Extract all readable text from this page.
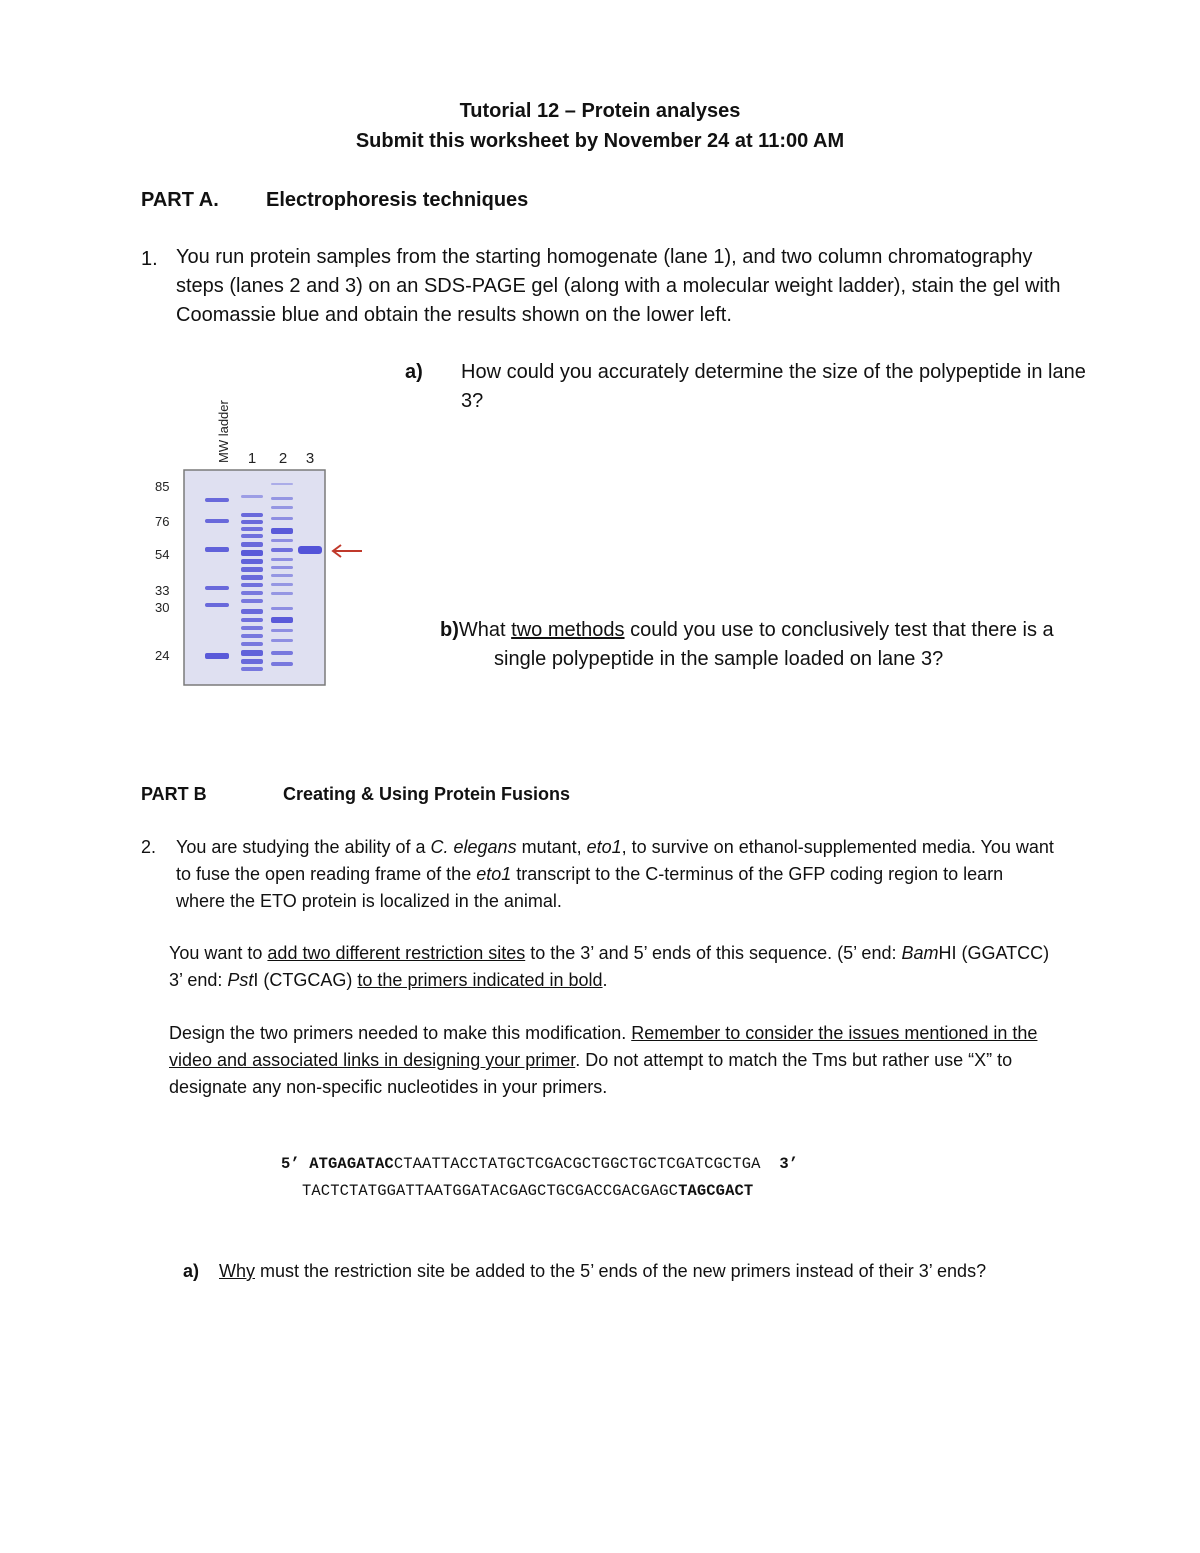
Tutorial 12 – Protein analyses
Submit this worksheet by November 24 at 11:00 AM
PART A. Electrophoresis techniques
1. You run protein samples from the starting homogenate (lane 1), and two column chromatography
steps (lanes 2 and 3) on an SDS-PAGE gel (along with a molecular weight ladder), stain the gel with
Coomassie blue and obtain the results shown on the lower left.
a) How could you accurately determine the size of the polypeptide in lane
3?
b)What two methods could you use to conclusively test that there is a
single polypeptide in the sample loaded on lane 3?
MW ladder 1 2 3
85
76
54
33
30
24
PART B	Creating & Using Protein Fusions
2. You are studying the ability of a C. elegans mutant, eto1, to survive on ethanol-supplemented media. You want
to fuse the open reading frame of the eto1 transcript to the C-terminus of the GFP coding region to learn
where the ETO protein is localized in the animal.
You want to add two different restriction sites to the 3’ and 5’ ends of this sequence. (5’ end: BamHI (GGATCC)
3’ end: PstI (CTGCAG) to the primers indicated in bold.
Design the two primers needed to make this modification. Remember to consider the issues mentioned in the
video and associated links in designing your primer. Do not attempt to match the Tms but rather use “X” to
designate any non-specific nucleotides in your primers.
5’ ATGAGATACCTAATTACCTATGCTCGACGCTGGCTGCTCGATCGCTGA  3’
TACTCTATGGATTAATGGATACGAGCTGCGACCGACGAGCTAGCGACT
a) Why must the restriction site be added to the 5’ ends of the new primers instead of their 3’ ends?
